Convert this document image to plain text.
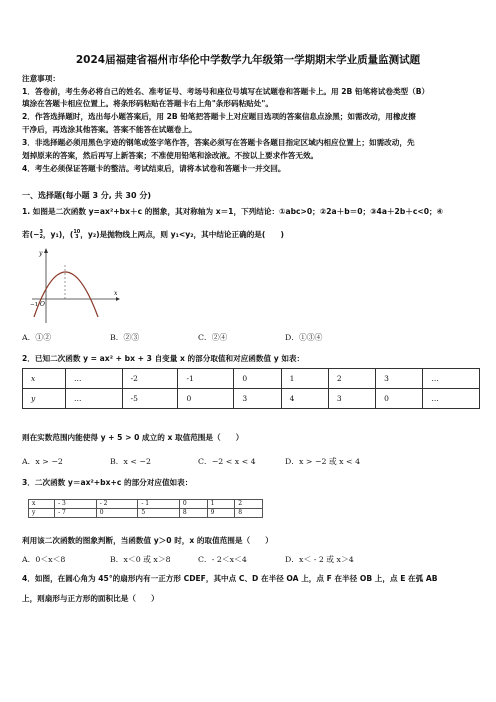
2024届福建省福州市华伦中学数学九年级第一学期期末学业质量监测试题
注意事项：
1．答卷前，考生务必将自己的姓名、准考证号、考场号和座位号填写在试题卷和答题卡上。用 2B 铅笔将试卷类型（B）
填涂在答题卡相应位置上。将条形码粘贴在答题卡右上角"条形码粘贴处"。
2．作答选择题时，选出每小题答案后，用 2B 铅笔把答题卡上对应题目选项的答案信息点涂黑；如需改动，用橡皮擦
干净后，再选涂其他答案。答案不能答在试题卷上。
3．非选择题必须用黑色字迹的钢笔或签字笔作答，答案必须写在答题卡各题目指定区域内相应位置上；如需改动，先
划掉原来的答案，然后再写上新答案；不准使用铅笔和涂改液。不按以上要求作答无效。
4．考生必须保证答题卡的整洁。考试结束后，请将本试卷和答题卡一并交回。
一、选择题(每小题 3 分, 共 30 分)
1. 如图是二次函数 y=ax²+bx＋c 的图象，其对称轴为 x＝1，下列结论：①abc>0；②2a＋b＝0；③4a＋2b＋c<0；④
若(−3
2，y₁)，(10
3 ，y₂)是抛物线上两点，则 y₁<y₂，其中结论正确的是(　　)
y
x
O
−1
A．①②	B．②③	C．②④	D．①③④
2．已知二次函数 y = ax² + bx + 3 自变量 x 的部分取值和对应函数值 y 如表：
x	…	-2	-1	0	1	2	3	…
y	…	-5	0	3	4	3	0	…
则在实数范围内能使得 y + 5 > 0 成立的 x 取值范围是（　　）
A．x > −2	B．x < −2	C．−2 < x < 4	D．x > −2 或 x < 4
3．二次函数 y＝ax²+bx+c 的部分对应值如表：
x	- 3	- 2	- 1	0	1	2
y	- 7	0	5	8	9	8
利用该二次函数的图象判断，当函数值 y＞0 时，x 的取值范围是（　　）
A．0＜x＜8	B．x＜0 或 x＞8	C．- 2＜x＜4	D．x＜ - 2 或 x＞4
4．如图，在圆心角为 45°的扇形内有一正方形 CDEF，其中点 C、D 在半径 OA 上，点 F 在半径 OB 上，点 E 在弧 AB
上，则扇形与正方形的面积比是（　　）
